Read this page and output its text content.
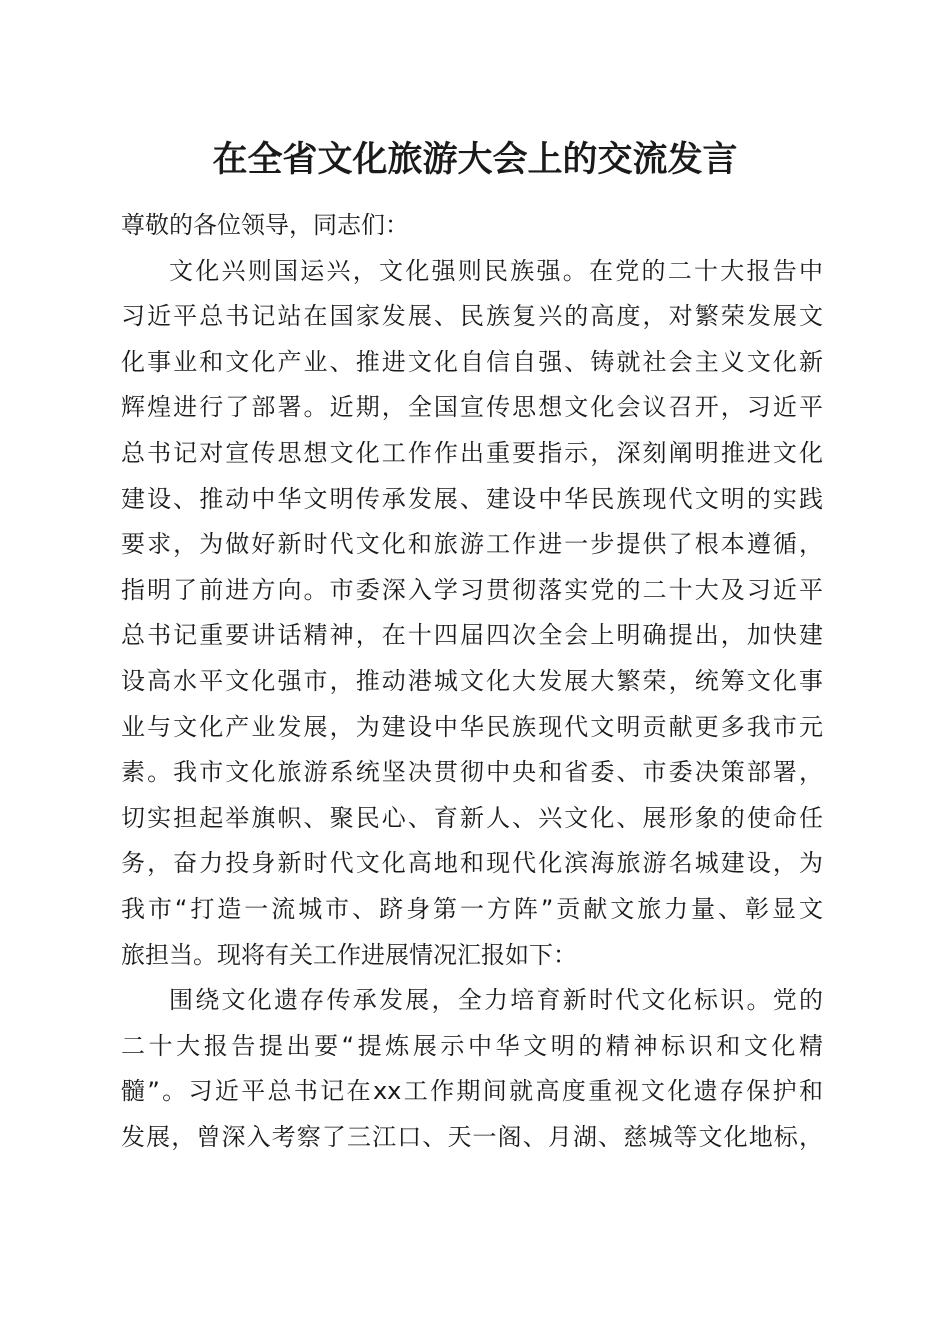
在全省文化旅游大会上的交流发言
尊敬的各位领导，同志们：
文化兴则国运兴，文化强则民族强。在党的二十大报告中
习近平总书记站在国家发展、民族复兴的高度，对繁荣发展文
化事业和文化产业、推进文化自信自强、铸就社会主义文化新
辉煌进行了部署。近期，全国宣传思想文化会议召开，习近平
总书记对宣传思想文化工作作出重要指示，深刻阐明推进文化
建设、推动中华文明传承发展、建设中华民族现代文明的实践
要求，为做好新时代文化和旅游工作进一步提供了根本遵循，
指明了前进方向。市委深入学习贯彻落实党的二十大及习近平
总书记重要讲话精神，在十四届四次全会上明确提出，加快建
设高水平文化强市，推动港城文化大发展大繁荣，统筹文化事
业与文化产业发展，为建设中华民族现代文明贡献更多我市元
素。我市文化旅游系统坚决贯彻中央和省委、市委决策部署，
切实担起举旗帜、聚民心、育新人、兴文化、展形象的使命任
务，奋力投身新时代文化高地和现代化滨海旅游名城建设，为
我市“打造一流城市、跻身第一方阵”贡献文旅力量、彰显文
旅担当。现将有关工作进展情况汇报如下：
围绕文化遗存传承发展，全力培育新时代文化标识。党的
二十大报告提出要“提炼展示中华文明的精神标识和文化精
髓”。习近平总书记在xx工作期间就高度重视文化遗存保护和
发展，曾深入考察了三江口、天一阁、月湖、慈城等文化地标，
